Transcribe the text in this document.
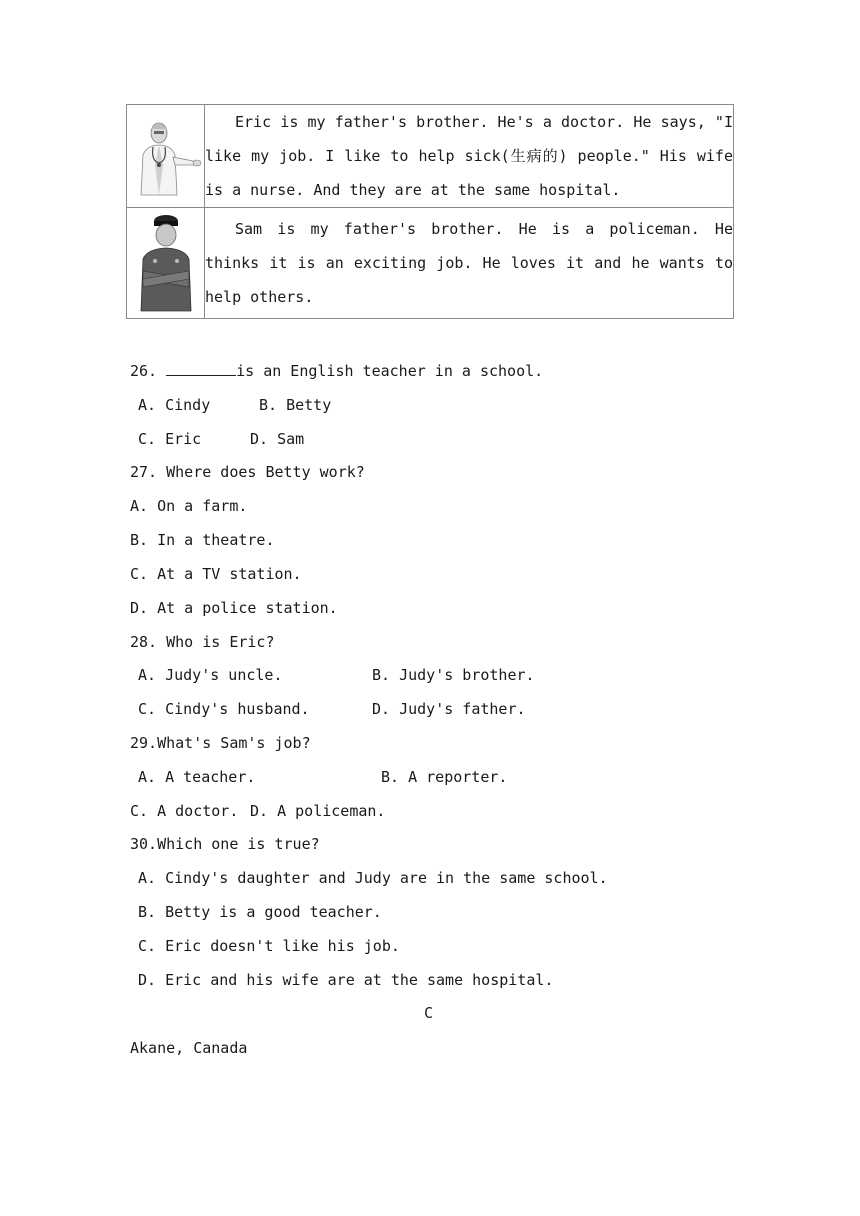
	Eric is my father's brother. He's a doctor. He says, "I like my job. I like to help sick(生病的) people." His wife is a nurse. And they are at the same hospital.

	Sam is my father's brother. He is a policeman. He thinks it is an exciting job. He loves it and he wants to help others.
26.	is an English teacher in a school.
A. Cindy	B. Betty
C. Eric	D. Sam
27. Where does Betty work?
A. On a farm.
B. In a theatre.
C. At a TV station.
D. At a police station.
28. Who is Eric?
A. Judy's uncle.	B. Judy's brother.
C. Cindy's husband.	D. Judy's father.
29.What's Sam's job?
A. A teacher.	B. A reporter.
C. A doctor. D. A policeman.
30.Which one is true?
A. Cindy's daughter and Judy are in the same school.
B. Betty is a good teacher.
C. Eric doesn't like his job.
D. Eric and his wife are at the same hospital.
C
Akane, Canada
